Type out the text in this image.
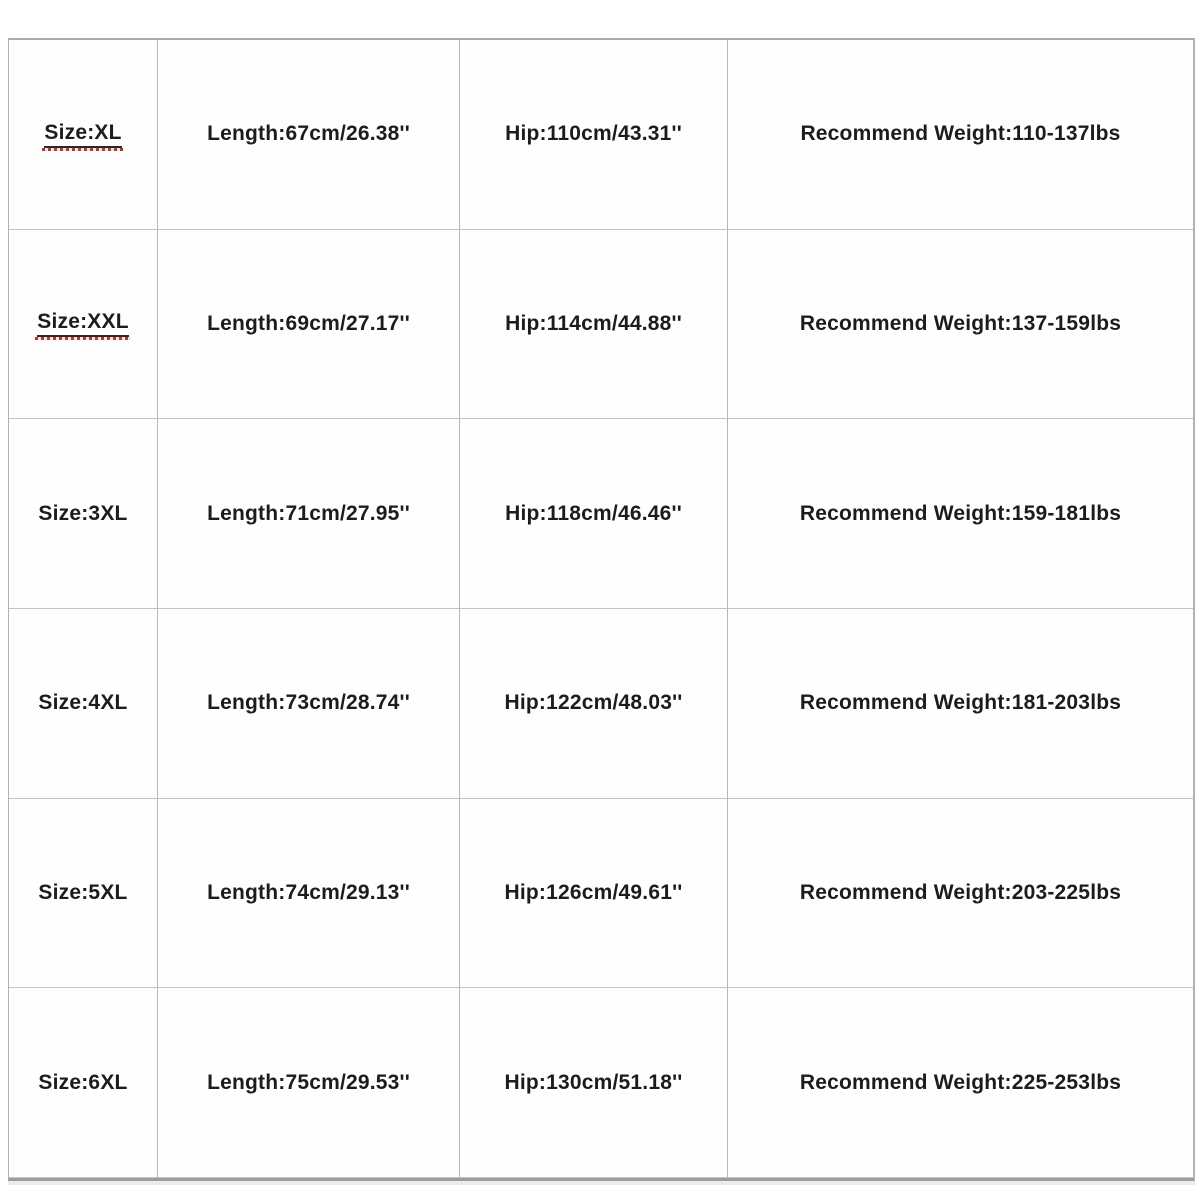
Size:XL	Length:67cm/26.38''	Hip:110cm/43.31''	Recommend Weight:110-137lbs
Size:XXL	Length:69cm/27.17''	Hip:114cm/44.88''	Recommend Weight:137-159lbs
Size:3XL	Length:71cm/27.95''	Hip:118cm/46.46''	Recommend Weight:159-181lbs
Size:4XL	Length:73cm/28.74''	Hip:122cm/48.03''	Recommend Weight:181-203lbs
Size:5XL	Length:74cm/29.13''	Hip:126cm/49.61''	Recommend Weight:203-225lbs
Size:6XL	Length:75cm/29.53''	Hip:130cm/51.18''	Recommend Weight:225-253lbs
